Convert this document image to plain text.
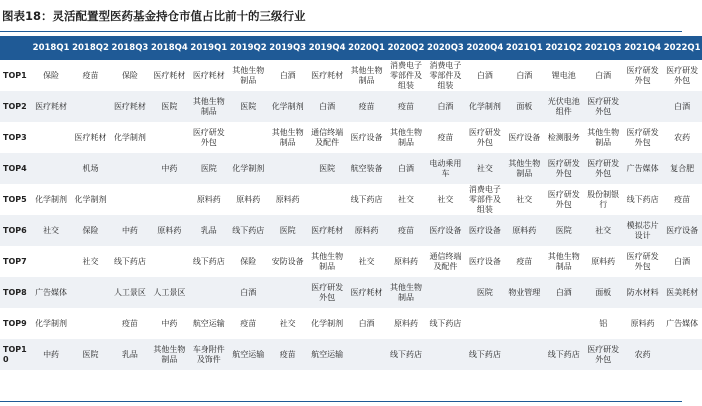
图表18：灵活配置型医药基金持仓市值占比前十的三级行业
	2018Q1	2018Q2	2018Q3	2018Q4	2019Q1	2019Q2	2019Q3	2019Q4	2020Q1	2020Q2	2020Q3	2020Q4	2021Q1	2021Q2	2021Q3	2021Q4	2022Q1
TOP1	保险	疫苗	保险	医疗耗材	医疗耗材	其他生物制品	白酒	医疗耗材	其他生物制品	消费电子零部件及组装	消费电子零部件及组装	白酒	白酒	锂电池	白酒	医疗研发外包	医疗研发外包
TOP2	医疗耗材		医疗耗材	医院	其他生物制品	医院	化学制剂	白酒	疫苗	疫苗	白酒	化学制剂	面板	光伏电池组件	医疗研发外包		白酒
TOP3		医疗耗材	化学制剂		医疗研发外包		其他生物制品	通信终端及配件	医疗设备	其他生物制品	疫苗	医疗研发外包	医疗设备	检测服务	其他生物制品	医疗研发外包	农药
TOP4		机场		中药	医院	化学制剂		医院	航空装备	白酒	电动乘用车	社交	其他生物制品	医疗研发外包	医疗研发外包	广告媒体	复合肥
TOP5	化学制剂	化学制剂			原料药	原料药	原料药		线下药店	社交	社交	消费电子零部件及组装	社交	医疗研发外包	股份制银行	线下药店	疫苗
TOP6	社交	保险	中药	原料药	乳品	线下药店	医院	医疗耗材	原料药	疫苗	医疗设备	医疗设备	原料药	医院	社交	模拟芯片设计	医疗设备
TOP7		社交	线下药店		线下药店	保险	安防设备	其他生物制品	社交	原料药	通信终端及配件	医疗设备	疫苗	其他生物制品	原料药	医疗研发外包	白酒
TOP8	广告媒体		人工景区	人工景区		白酒		医疗研发外包	医疗耗材	其他生物制品		医院	物业管理	白酒	面板	防水材料	医美耗材
TOP9	化学制剂		疫苗	中药	航空运输	疫苗	社交	化学制剂	白酒	原料药	线下药店				铝	原料药	广告媒体
TOP10	中药	医院	乳品	其他生物制品	车身附件及饰件	航空运输	疫苗	航空运输		线下药店		线下药店		线下药店	医疗研发外包	农药	
